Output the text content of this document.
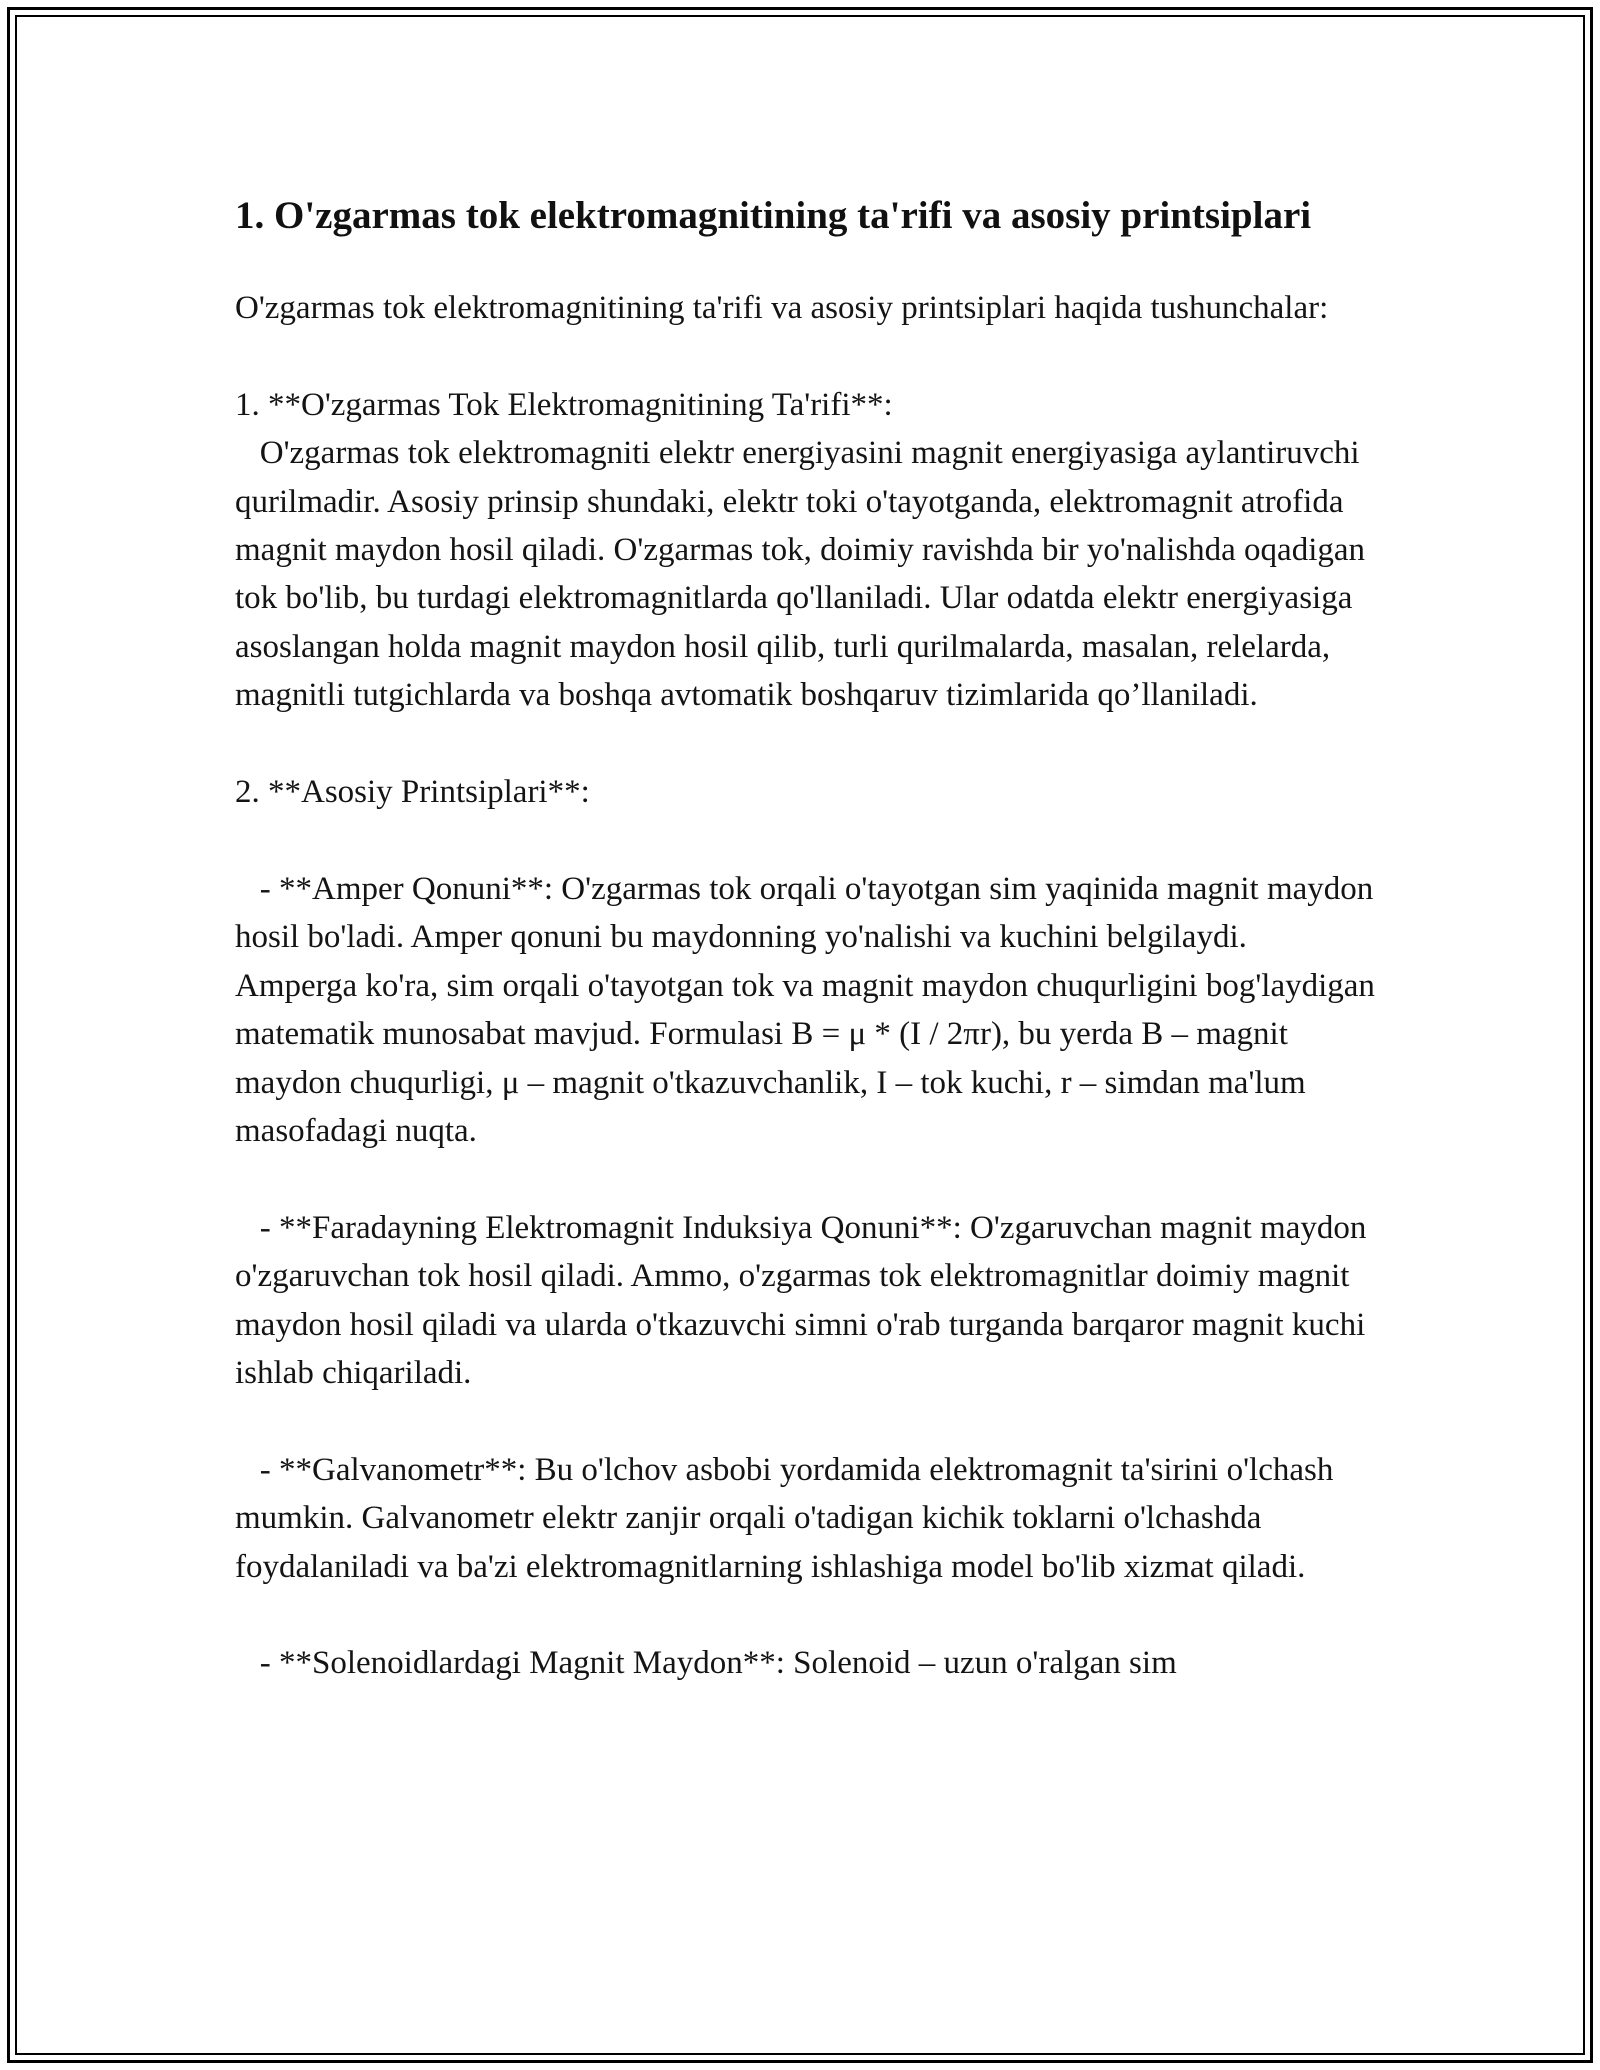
1. O'zgarmas tok elektromagnitining ta'rifi va asosiy printsiplari

O'zgarmas tok elektromagnitining ta'rifi va asosiy printsiplari haqida tushunchalar:

1. **O'zgarmas Tok Elektromagnitining Ta'rifi**:
O'zgarmas tok elektromagniti elektr energiyasini magnit energiyasiga aylantiruvchi qurilmadir. Asosiy prinsip shundaki, elektr toki o'tayotganda, elektromagnit atrofida magnit maydon hosil qiladi. O'zgarmas tok, doimiy ravishda bir yo'nalishda oqadigan tok bo'lib, bu turdagi elektromagnitlarda qo'llaniladi. Ular odatda elektr energiyasiga asoslangan holda magnit maydon hosil qilib, turli qurilmalarda, masalan, relelarda, magnitli tutgichlarda va boshqa avtomatik boshqaruv tizimlarida qo’llaniladi.

2. **Asosiy Printsiplari**:

- **Amper Qonuni**: O'zgarmas tok orqali o'tayotgan sim yaqinida magnit maydon hosil bo'ladi. Amper qonuni bu maydonning yo'nalishi va kuchini belgilaydi. Amperga ko'ra, sim orqali o'tayotgan tok va magnit maydon chuqurligini bog'laydigan matematik munosabat mavjud. Formulasi B = μ * (I / 2πr), bu yerda B – magnit maydon chuqurligi, μ – magnit o'tkazuvchanlik, I – tok kuchi, r – simdan ma'lum masofadagi nuqta.

- **Faradayning Elektromagnit Induksiya Qonuni**: O'zgaruvchan magnit maydon o'zgaruvchan tok hosil qiladi. Ammo, o'zgarmas tok elektromagnitlar doimiy magnit maydon hosil qiladi va ularda o'tkazuvchi simni o'rab turganda barqaror magnit kuchi ishlab chiqariladi.

- **Galvanometr**: Bu o'lchov asbobi yordamida elektromagnit ta'sirini o'lchash mumkin. Galvanometr elektr zanjir orqali o'tadigan kichik toklarni o'lchashda foydalaniladi va ba'zi elektromagnitlarning ishlashiga model bo'lib xizmat qiladi.

- **Solenoidlardagi Magnit Maydon**: Solenoid – uzun o'ralgan sim
